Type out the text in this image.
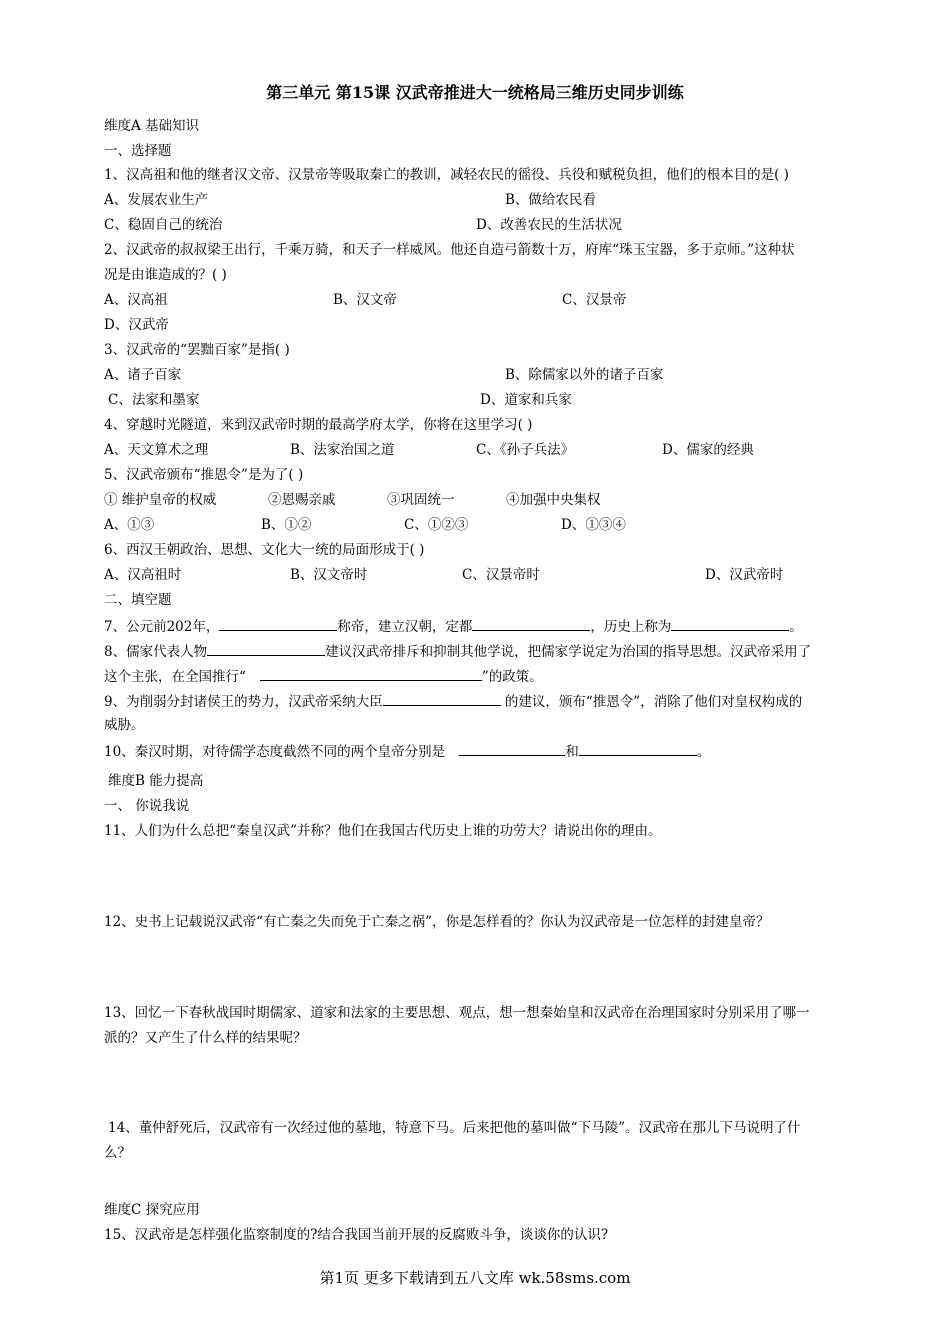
第三单元 第15课 汉武帝推进大一统格局三维历史同步训练
维度A 基础知识
一、选择题
1、汉高祖和他的继者汉文帝、汉景帝等吸取秦亡的教训，减轻农民的徭役、兵役和赋税负担，他们的根本目的是( )
A、发展农业生产	B、做给农民看
C、稳固自己的统治	D、改善农民的生活状况
2、汉武帝的叔叔梁王出行，千乘万骑，和天子一样威风。他还自造弓箭数十万，府库“珠玉宝器，多于京师。”这种状
况是由谁造成的？( )
A、汉高祖	B、汉文帝	C、汉景帝
D、汉武帝
3、汉武帝的“罢黜百家”是指( )
A、诸子百家	B、除儒家以外的诸子百家
C、法家和墨家	D、道家和兵家
4、穿越时光隧道，来到汉武帝时期的最高学府太学，你将在这里学习( )
A、天文算术之理	B、法家治国之道	C、《孙子兵法》	D、儒家的经典
5、汉武帝颁布“推恩令”是为了( )
① 维护皇帝的权威	②恩赐亲戚	③巩固统一	④加强中央集权
A、①③	B、①②	C、①②③	D、①③④
6、西汉王朝政治、思想、文化大一统的局面形成于( )
A、汉高祖时	B、汉文帝时	C、汉景帝时	D、汉武帝时
二、填空题
7、公元前202年，	称帝，建立汉朝，定都	，历史上称为	。
8、儒家代表人物	建议汉武帝排斥和抑制其他学说，把儒家学说定为治国的指导思想。汉武帝采用了
这个主张，在全国推行“	”的政策。
9、为削弱分封诸侯王的势力，汉武帝采纳大臣	的建议，颁布“推恩令”，消除了他们对皇权构成的
威胁。
10、秦汉时期，对待儒学态度截然不同的两个皇帝分别是	和	。
维度B 能力提高
一、 你说我说
11、人们为什么总把“秦皇汉武”并称？他们在我国古代历史上谁的功劳大？请说出你的理由。
12、史书上记载说汉武帝“有亡秦之失而免于亡秦之祸”，你是怎样看的？你认为汉武帝是一位怎样的封建皇帝？
13、回忆一下春秋战国时期儒家、道家和法家的主要思想、观点，想一想秦始皇和汉武帝在治理国家时分别采用了哪一
派的？又产生了什么样的结果呢？
14、董仲舒死后，汉武帝有一次经过他的墓地，特意下马。后来把他的墓叫做“下马陵”。汉武帝在那儿下马说明了什
么？
维度C 探究应用
15、汉武帝是怎样强化监察制度的?结合我国当前开展的反腐败斗争，谈谈你的认识?
第1页 更多下载请到五八文库 wk.58sms.com
